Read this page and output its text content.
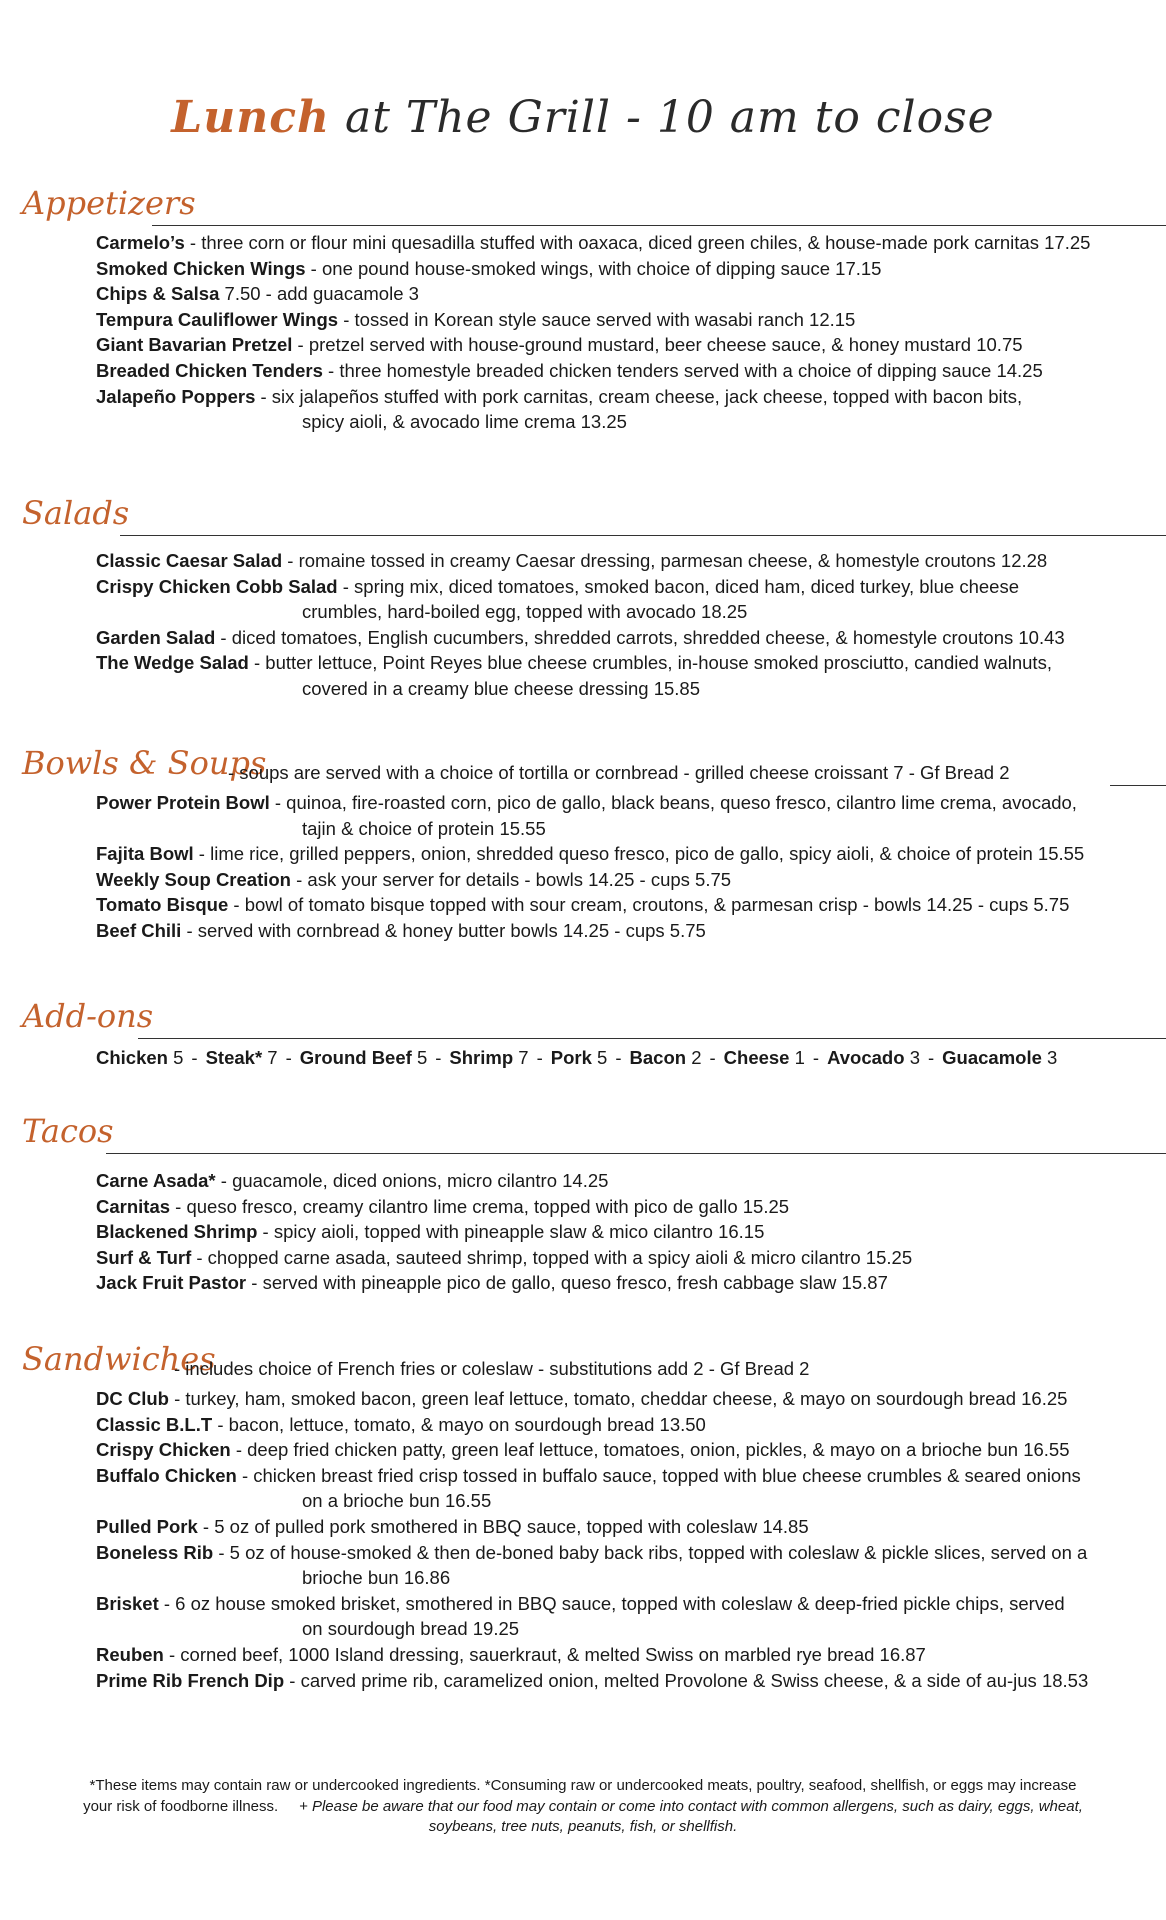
Lunch at The Grill - 10 am to close
Appetizers
Carmelo’s - three corn or flour mini quesadilla stuffed with oaxaca, diced green chiles, & house-made pork carnitas 17.25
Smoked Chicken Wings - one pound house-smoked wings, with choice of dipping sauce 17.15
Chips & Salsa 7.50 - add guacamole 3
Tempura Cauliflower Wings - tossed in Korean style sauce served with wasabi ranch 12.15
Giant Bavarian Pretzel - pretzel served with house-ground mustard, beer cheese sauce, & honey mustard 10.75
Breaded Chicken Tenders - three homestyle breaded chicken tenders served with a choice of dipping sauce 14.25
Jalapeño Poppers - six jalapeños stuffed with pork carnitas, cream cheese, jack cheese, topped with bacon bits,
spicy aioli, & avocado lime crema 13.25
Salads
Classic Caesar Salad - romaine tossed in creamy Caesar dressing, parmesan cheese, & homestyle croutons 12.28
Crispy Chicken Cobb Salad - spring mix, diced tomatoes, smoked bacon, diced ham, diced turkey, blue cheese
crumbles, hard-boiled egg, topped with avocado 18.25
Garden Salad - diced tomatoes, English cucumbers, shredded carrots, shredded cheese, & homestyle croutons 10.43
The Wedge Salad - butter lettuce, Point Reyes blue cheese crumbles, in-house smoked prosciutto, candied walnuts,
covered in a creamy blue cheese dressing 15.85
Bowls & Soups
- soups are served with a choice of tortilla or cornbread - grilled cheese croissant 7 - Gf Bread 2
Power Protein Bowl - quinoa, fire-roasted corn, pico de gallo, black beans, queso fresco, cilantro lime crema, avocado,
tajin & choice of protein 15.55
Fajita Bowl - lime rice, grilled peppers, onion, shredded queso fresco, pico de gallo, spicy aioli, & choice of protein 15.55
Weekly Soup Creation - ask your server for details - bowls 14.25 - cups 5.75
Tomato Bisque - bowl of tomato bisque topped with sour cream, croutons, & parmesan crisp - bowls 14.25 - cups 5.75
Beef Chili - served with cornbread & honey butter bowls 14.25 - cups 5.75
Add-ons
Chicken 5 - Steak* 7 - Ground Beef 5 - Shrimp 7 - Pork 5 - Bacon 2 - Cheese 1 - Avocado 3 - Guacamole 3
Tacos
Carne Asada* - guacamole, diced onions, micro cilantro 14.25
Carnitas - queso fresco, creamy cilantro lime crema, topped with pico de gallo 15.25
Blackened Shrimp - spicy aioli, topped with pineapple slaw & mico cilantro 16.15
Surf & Turf - chopped carne asada, sauteed shrimp, topped with a spicy aioli & micro cilantro 15.25
Jack Fruit Pastor - served with pineapple pico de gallo, queso fresco, fresh cabbage slaw 15.87
Sandwiches
- includes choice of French fries or coleslaw - substitutions add 2 - Gf Bread 2
DC Club - turkey, ham, smoked bacon, green leaf lettuce, tomato, cheddar cheese, & mayo on sourdough bread 16.25
Classic B.L.T - bacon, lettuce, tomato, & mayo on sourdough bread 13.50
Crispy Chicken - deep fried chicken patty, green leaf lettuce, tomatoes, onion, pickles, & mayo on a brioche bun 16.55
Buffalo Chicken - chicken breast fried crisp tossed in buffalo sauce, topped with blue cheese crumbles & seared onions
on a brioche bun 16.55
Pulled Pork - 5 oz of pulled pork smothered in BBQ sauce, topped with coleslaw 14.85
Boneless Rib - 5 oz of house-smoked & then de-boned baby back ribs, topped with coleslaw & pickle slices, served on a
brioche bun 16.86
Brisket - 6 oz house smoked brisket, smothered in BBQ sauce, topped with coleslaw & deep-fried pickle chips, served
on sourdough bread 19.25
Reuben - corned beef, 1000 Island dressing, sauerkraut, & melted Swiss on marbled rye bread 16.87
Prime Rib French Dip - carved prime rib, caramelized onion, melted Provolone & Swiss cheese, & a side of au-jus 18.53
*These items may contain raw or undercooked ingredients. *Consuming raw or undercooked meats, poultry, seafood, shellfish, or eggs may increase
your risk of foodborne illness. + Please be aware that our food may contain or come into contact with common allergens, such as dairy, eggs, wheat,
soybeans, tree nuts, peanuts, fish, or shellfish.
